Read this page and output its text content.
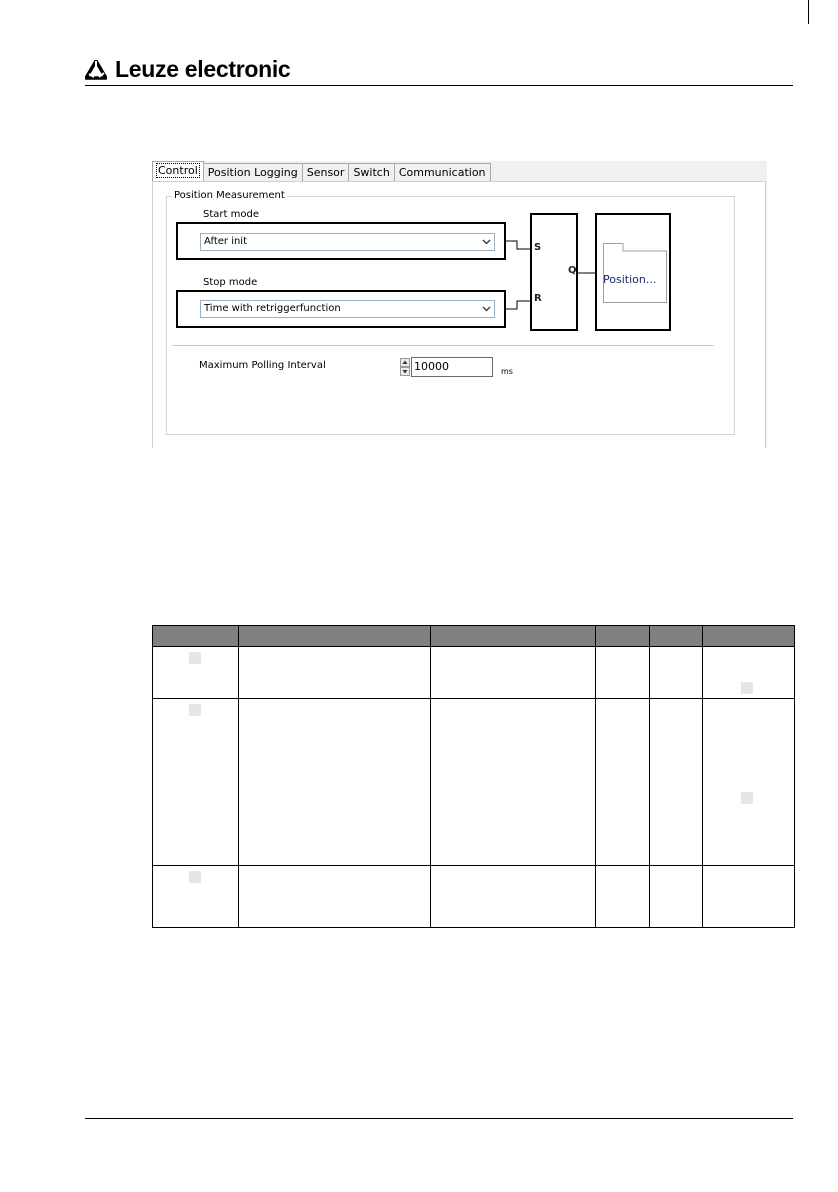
Leuze electronic
Control Position Logging Sensor Switch Communication
Position Measurement
Start mode
After init
Stop mode
Time with retriggerfunction
S
R
Q
Position...
Maximum Polling Interval	10000	ms
